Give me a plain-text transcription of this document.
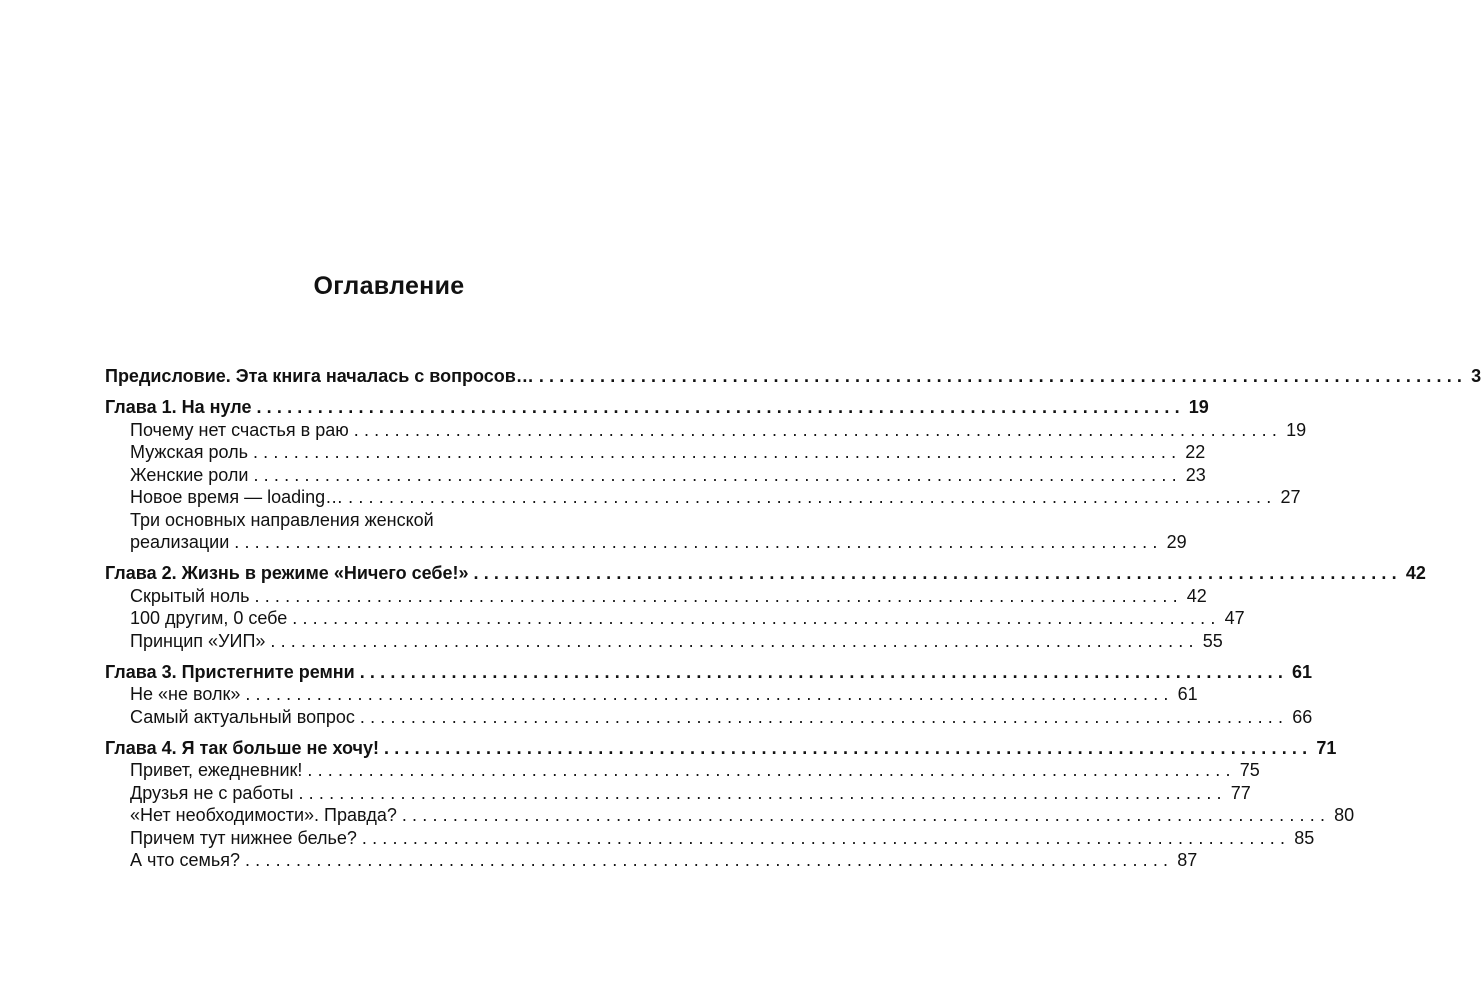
Оглавление
Предисловие. Эта книга началась с вопросов… ........................................................................................... 3
Глава 1. На нуле ........................................................................................... 19
Почему нет счастья в раю ........................................................................................... 19
Мужская роль ........................................................................................... 22
Женские роли ........................................................................................... 23
Новое время — loading… ........................................................................................... 27
Три основных направления женской
реализации ........................................................................................... 29
Глава 2. Жизнь в режиме «Ничего себе!» ........................................................................................... 42
Скрытый ноль ........................................................................................... 42
100 другим, 0 себе ........................................................................................... 47
Принцип «УИП» ........................................................................................... 55
Глава 3. Пристегните ремни ........................................................................................... 61
Не «не волк» ........................................................................................... 61
Самый актуальный вопрос ........................................................................................... 66
Глава 4. Я так больше не хочу! ........................................................................................... 71
Привет, ежедневник! ........................................................................................... 75
Друзья не с работы ........................................................................................... 77
«Нет необходимости». Правда? ........................................................................................... 80
Причем тут нижнее белье? ........................................................................................... 85
А что семья? ........................................................................................... 87
